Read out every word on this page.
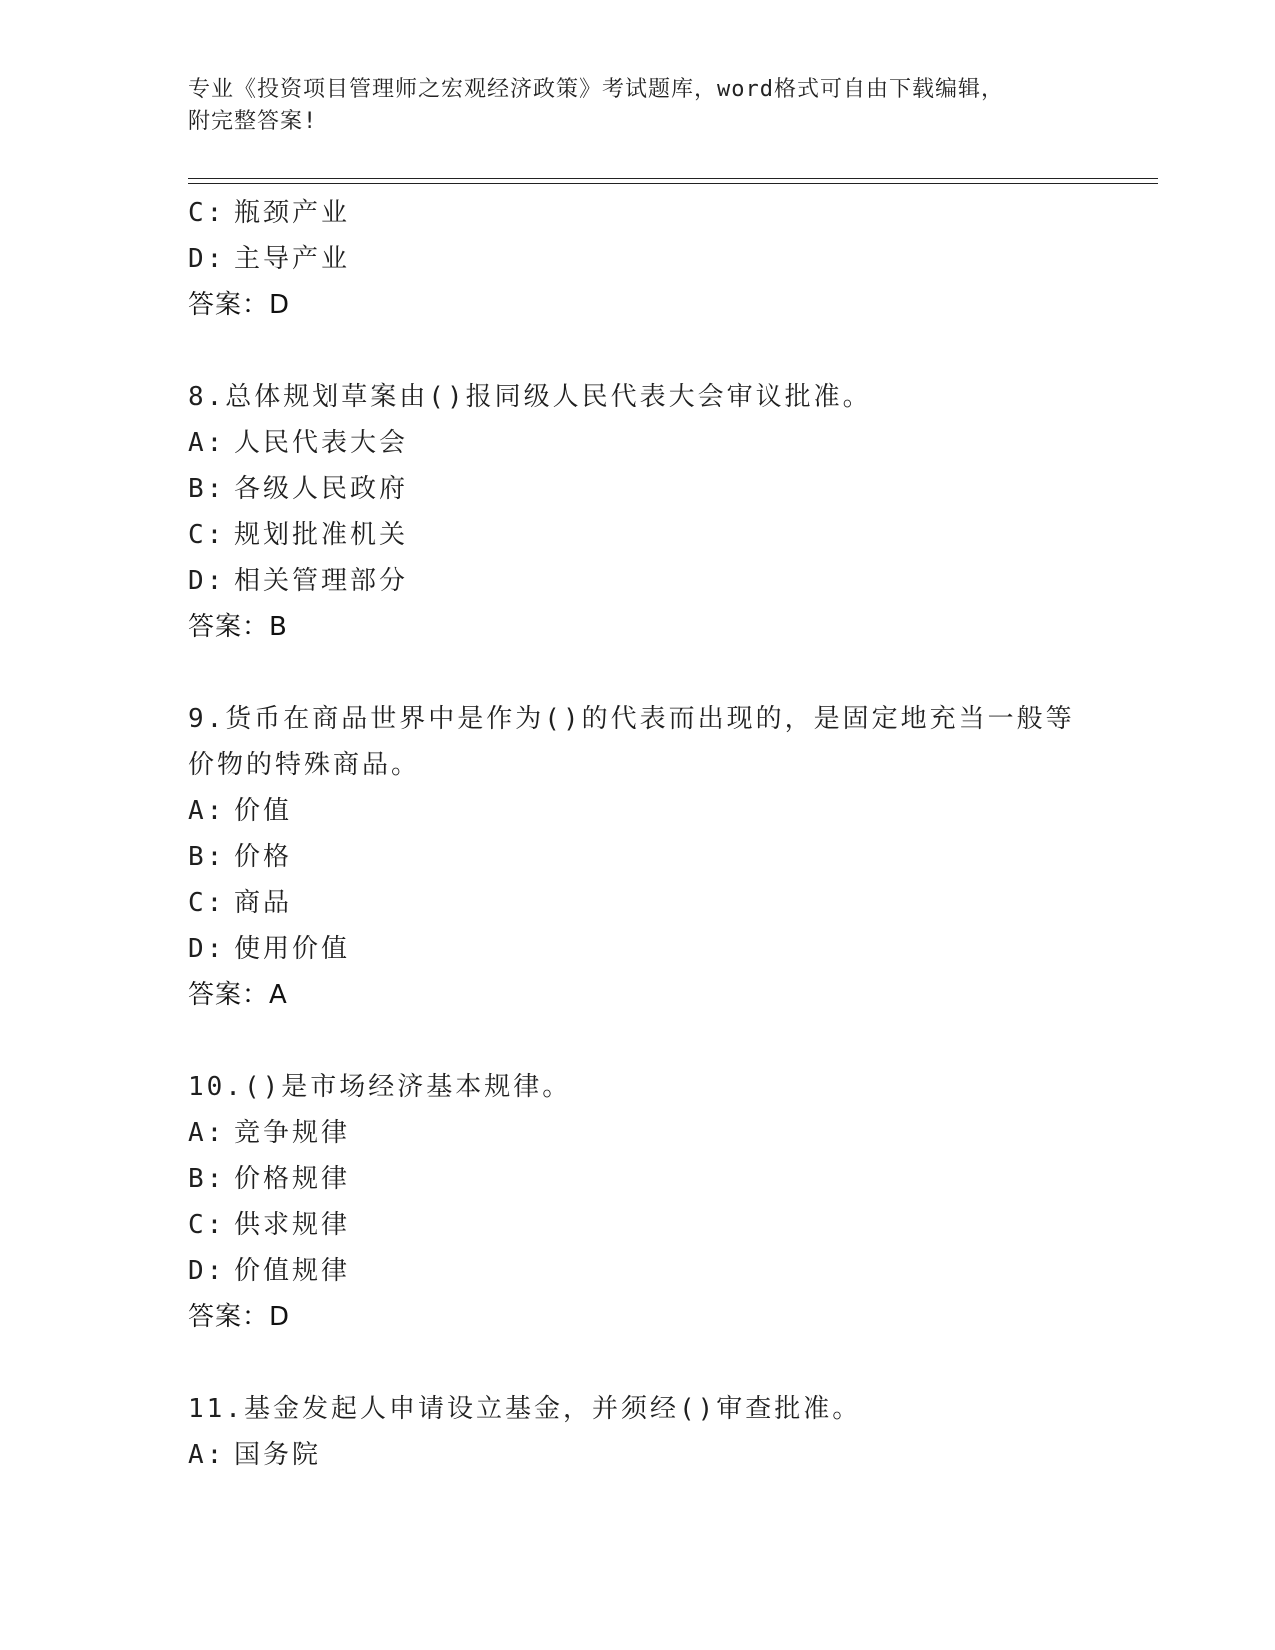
专业《投资项目管理师之宏观经济政策》考试题库，word格式可自由下载编辑，
附完整答案!
C: 瓶颈产业
D: 主导产业
答案：D
8.总体规划草案由()报同级人民代表大会审议批准。
A: 人民代表大会
B: 各级人民政府
C: 规划批准机关
D: 相关管理部分
答案：B
9.货币在商品世界中是作为()的代表而出现的，是固定地充当一般等
价物的特殊商品。
A: 价值
B: 价格
C: 商品
D: 使用价值
答案：A
10.()是市场经济基本规律。
A: 竞争规律
B: 价格规律
C: 供求规律
D: 价值规律
答案：D
11.基金发起人申请设立基金，并须经()审查批准。
A: 国务院
